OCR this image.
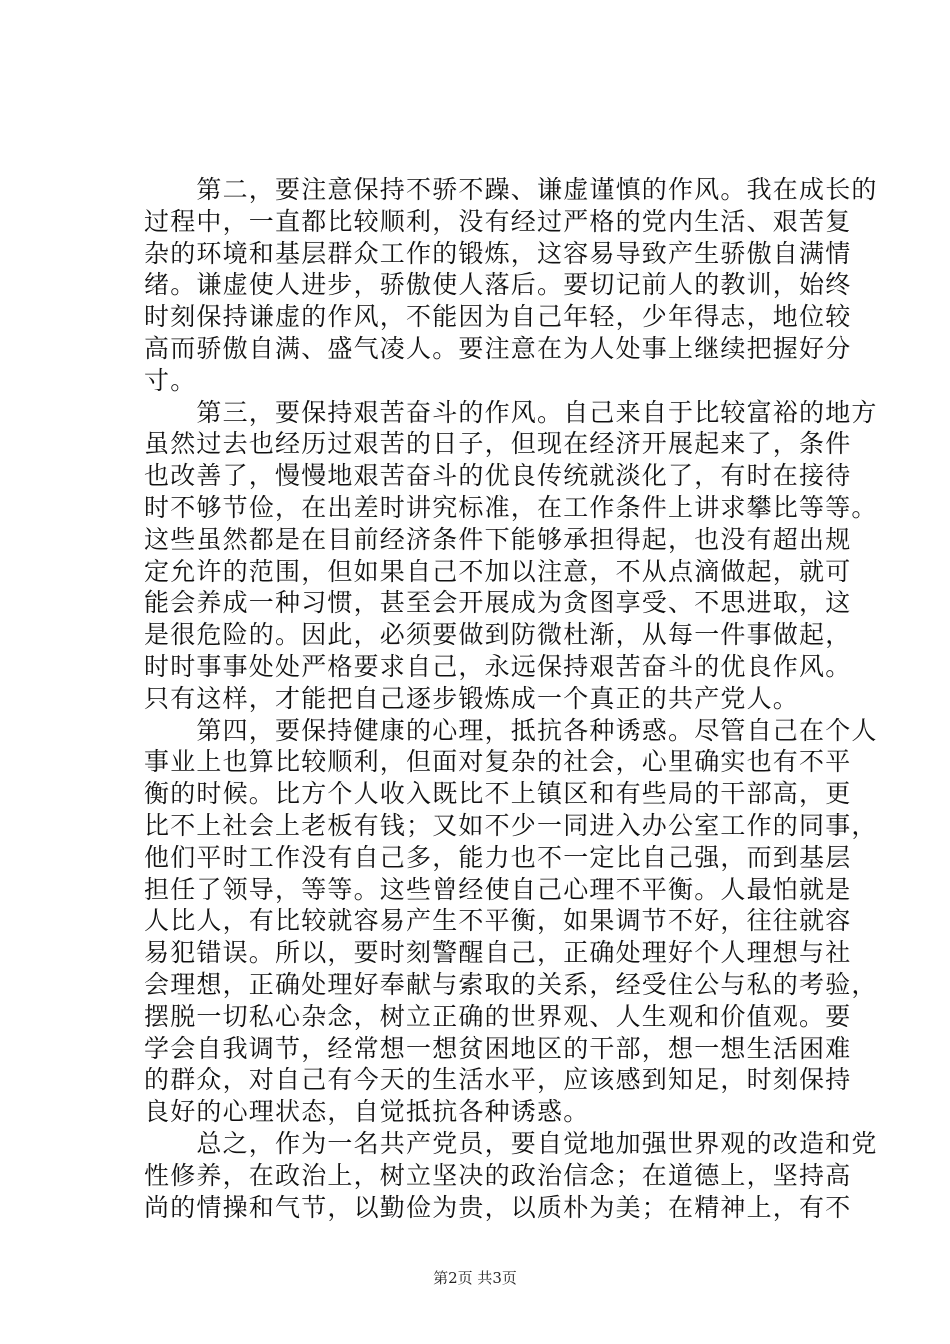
　　第二，要注意保持不骄不躁、谦虚谨慎的作风。我在成长的
过程中，一直都比较顺利，没有经过严格的党内生活、艰苦复
杂的环境和基层群众工作的锻炼，这容易导致产生骄傲自满情
绪。谦虚使人进步，骄傲使人落后。要切记前人的教训，始终
时刻保持谦虚的作风，不能因为自己年轻，少年得志，地位较
高而骄傲自满、盛气凌人。要注意在为人处事上继续把握好分
寸。
　　第三，要保持艰苦奋斗的作风。自己来自于比较富裕的地方
虽然过去也经历过艰苦的日子，但现在经济开展起来了，条件
也改善了，慢慢地艰苦奋斗的优良传统就淡化了，有时在接待
时不够节俭，在出差时讲究标准，在工作条件上讲求攀比等等。
这些虽然都是在目前经济条件下能够承担得起，也没有超出规
定允许的范围，但如果自己不加以注意，不从点滴做起，就可
能会养成一种习惯，甚至会开展成为贪图享受、不思进取，这
是很危险的。因此，必须要做到防微杜渐，从每一件事做起，
时时事事处处严格要求自己，永远保持艰苦奋斗的优良作风。
只有这样，才能把自己逐步锻炼成一个真正的共产党人。
　　第四，要保持健康的心理，抵抗各种诱惑。尽管自己在个人
事业上也算比较顺利，但面对复杂的社会，心里确实也有不平
衡的时候。比方个人收入既比不上镇区和有些局的干部高，更
比不上社会上老板有钱；又如不少一同进入办公室工作的同事，
他们平时工作没有自己多，能力也不一定比自己强，而到基层
担任了领导，等等。这些曾经使自己心理不平衡。人最怕就是
人比人，有比较就容易产生不平衡，如果调节不好，往往就容
易犯错误。所以，要时刻警醒自己，正确处理好个人理想与社
会理想，正确处理好奉献与索取的关系，经受住公与私的考验，
摆脱一切私心杂念，树立正确的世界观、人生观和价值观。要
学会自我调节，经常想一想贫困地区的干部，想一想生活困难
的群众，对自己有今天的生活水平，应该感到知足，时刻保持
良好的心理状态，自觉抵抗各种诱惑。
　　总之，作为一名共产党员，要自觉地加强世界观的改造和党
性修养，在政治上，树立坚决的政治信念；在道德上，坚持高
尚的情操和气节，以勤俭为贵，以质朴为美；在精神上，有不
第2页 共3页
